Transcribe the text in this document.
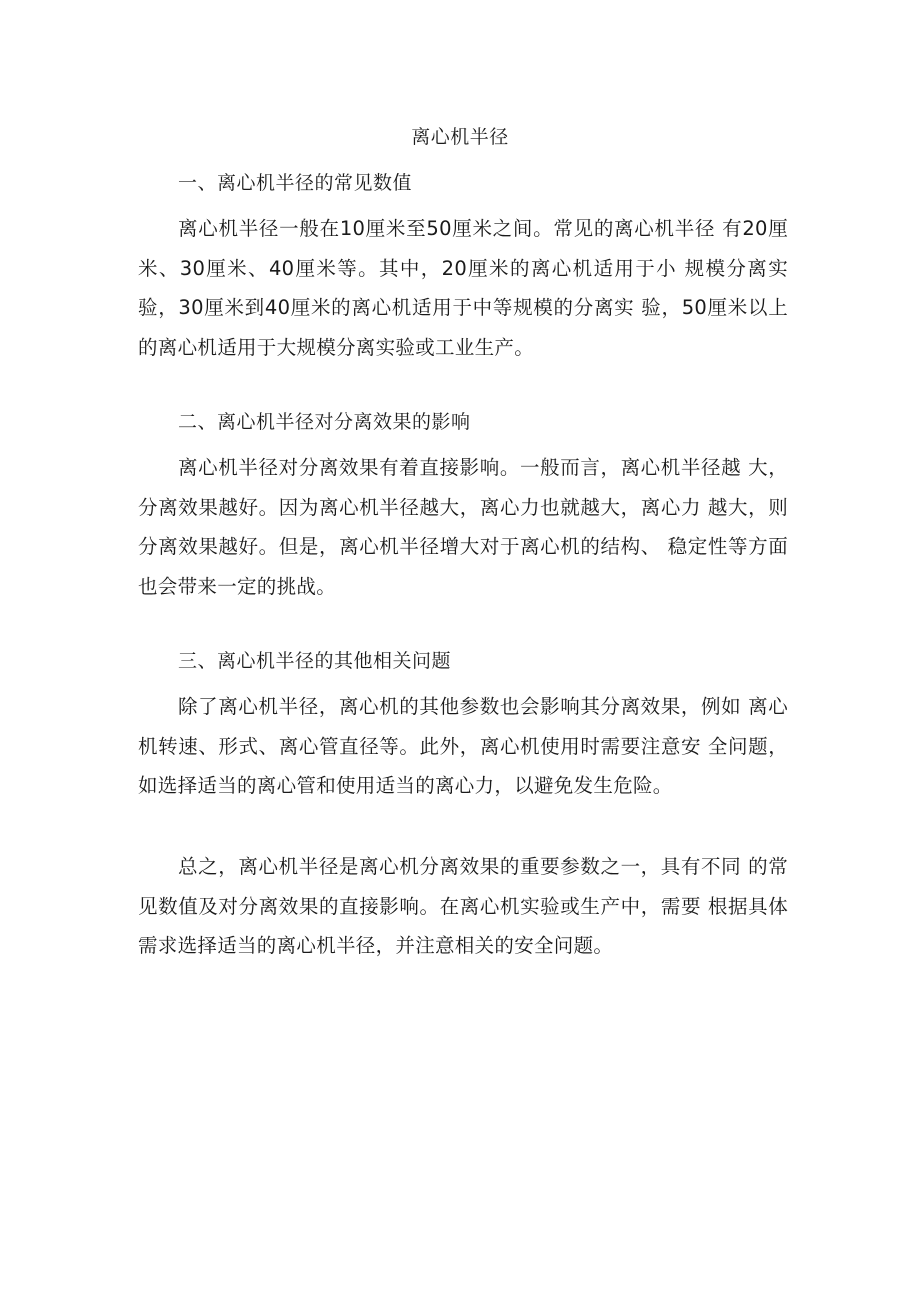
离心机半径
一、离心机半径的常见数值
离心机半径一般在10厘米至50厘米之间。常见的离心机半径 有20厘米、30厘米、40厘米等。其中，20厘米的离心机适用于小 规模分离实验，30厘米到40厘米的离心机适用于中等规模的分离实 验，50厘米以上的离心机适用于大规模分离实验或工业生产。
二、离心机半径对分离效果的影响
离心机半径对分离效果有着直接影响。一般而言，离心机半径越 大，分离效果越好。因为离心机半径越大，离心力也就越大，离心力 越大，则分离效果越好。但是，离心机半径增大对于离心机的结构、 稳定性等方面也会带来一定的挑战。
三、离心机半径的其他相关问题
除了离心机半径，离心机的其他参数也会影响其分离效果，例如 离心机转速、形式、离心管直径等。此外，离心机使用时需要注意安 全问题，如选择适当的离心管和使用适当的离心力，以避免发生危险。
总之，离心机半径是离心机分离效果的重要参数之一，具有不同 的常见数值及对分离效果的直接影响。在离心机实验或生产中，需要 根据具体需求选择适当的离心机半径，并注意相关的安全问题。
